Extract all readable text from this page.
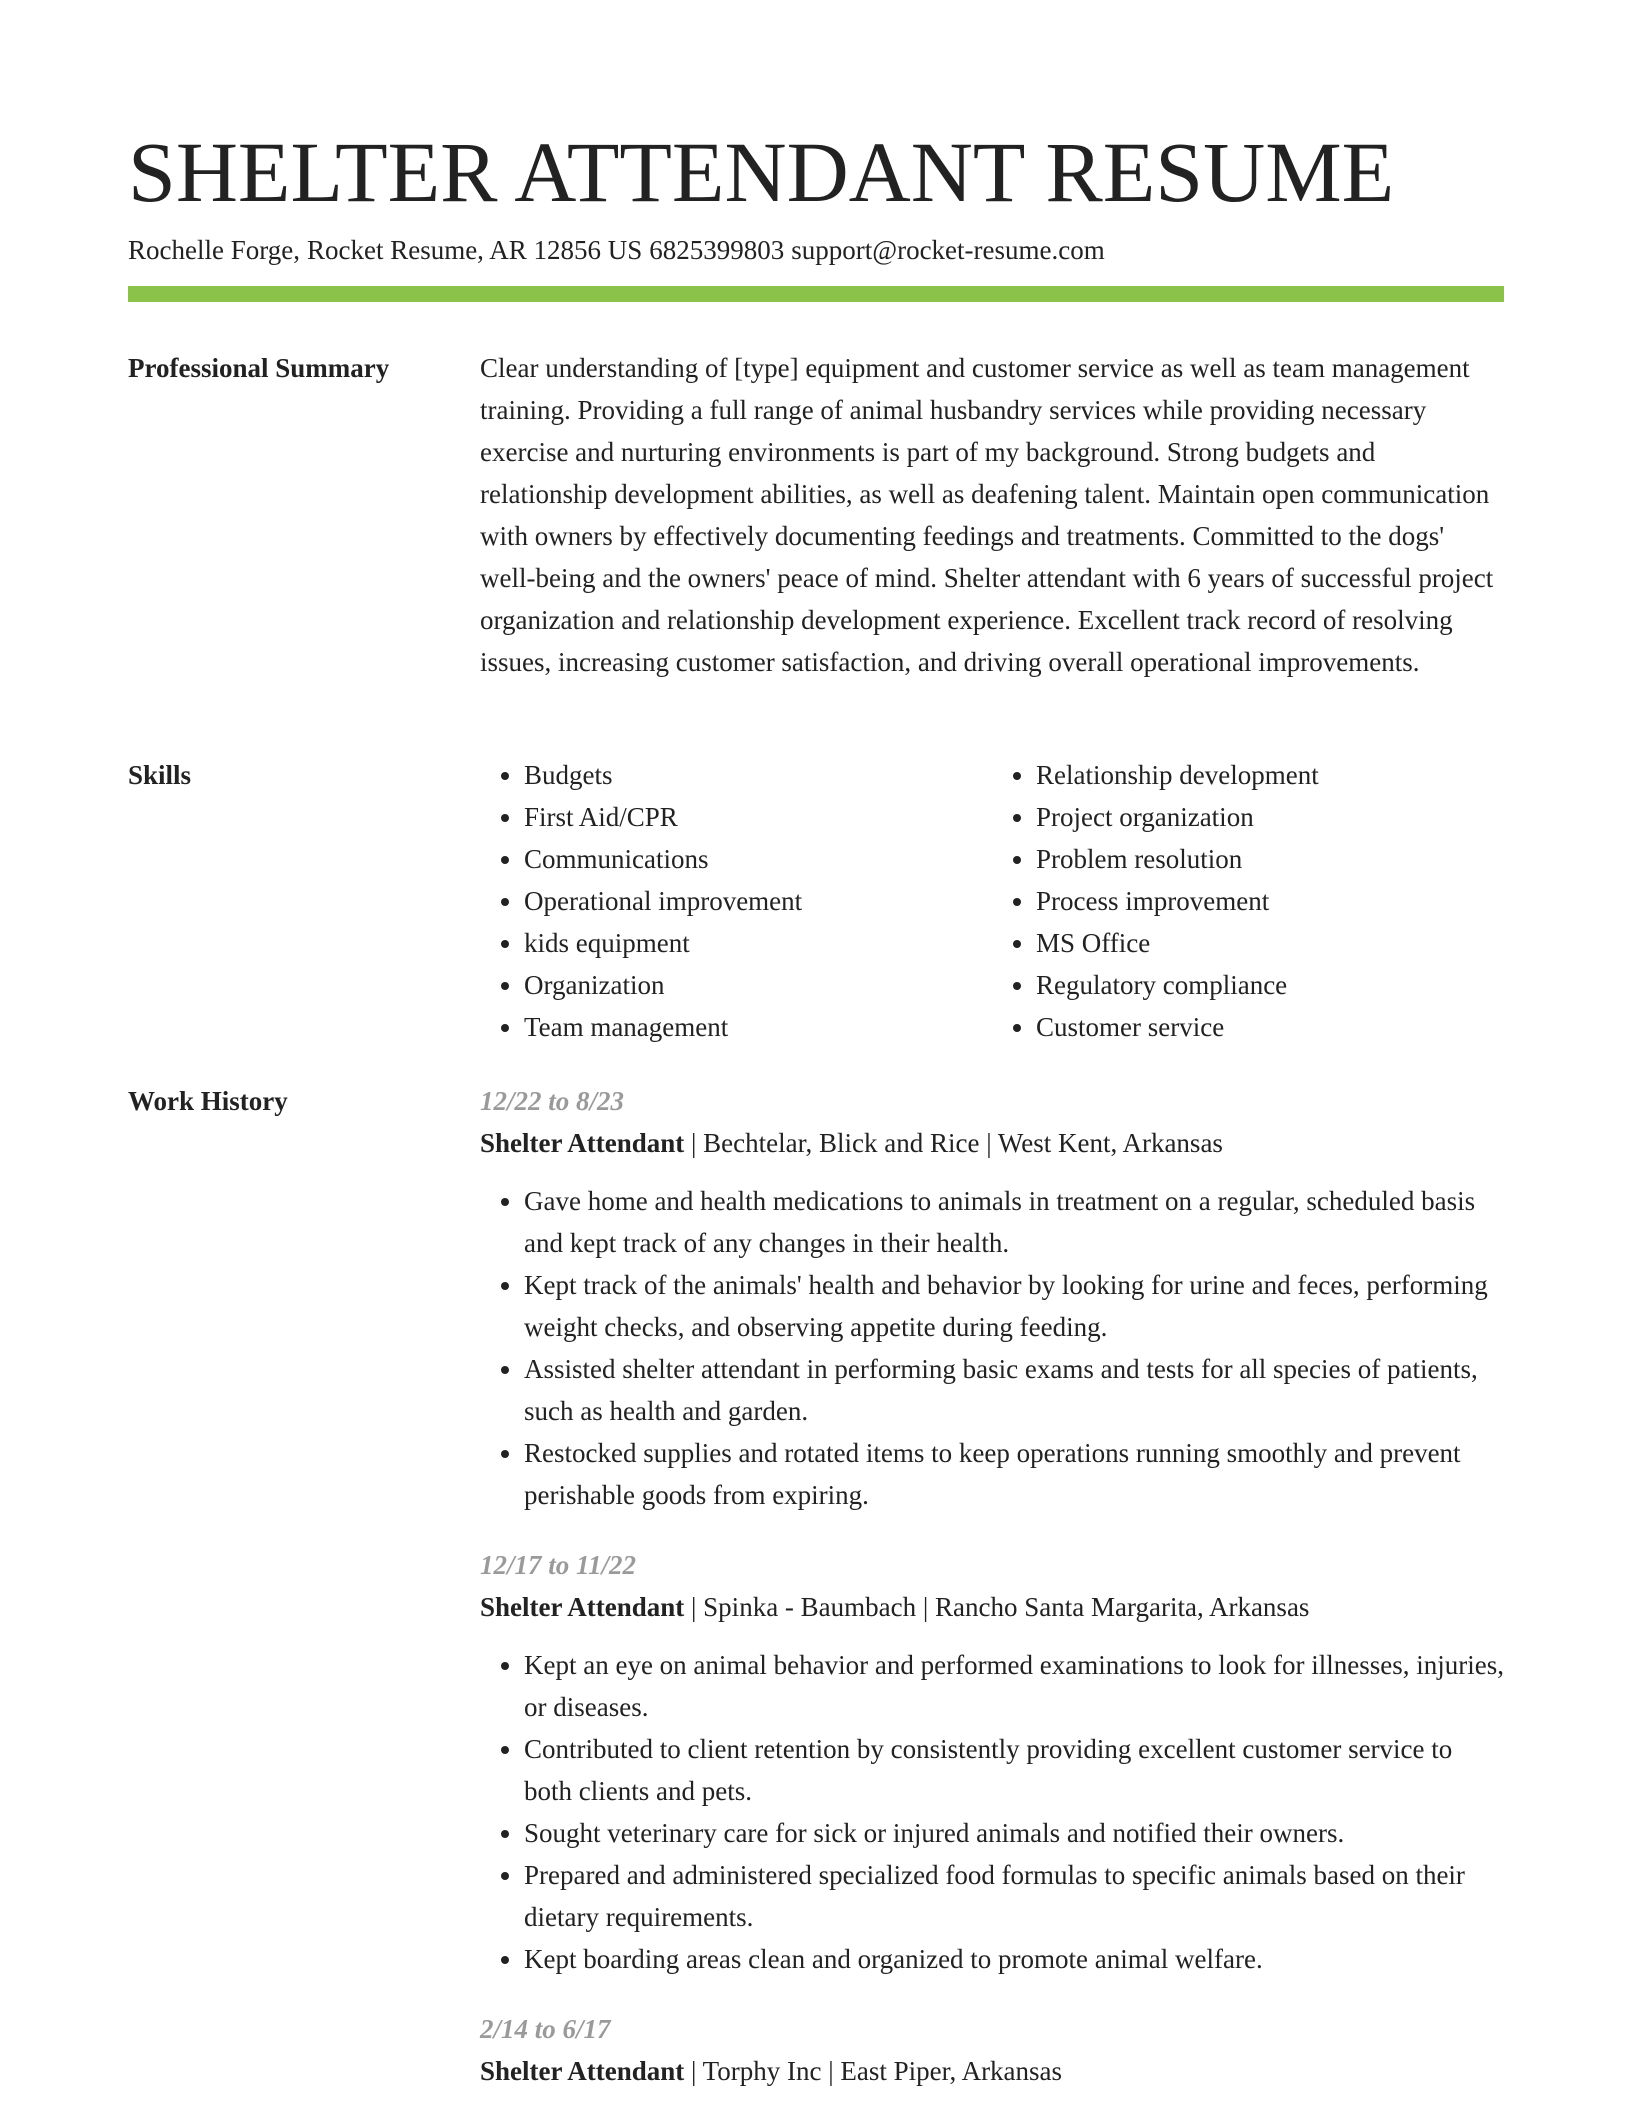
SHELTER ATTENDANT RESUME
Rochelle Forge, Rocket Resume, AR 12856 US 6825399803 support@rocket-resume.com
Professional Summary	Clear understanding of [type] equipment and customer service as well as team management training. Providing a full range of animal husbandry services while providing necessary exercise and nurturing environments is part of my background. Strong budgets and relationship development abilities, as well as deafening talent. Maintain open communication with owners by effectively documenting feedings and treatments. Committed to the dogs' well-being and the owners' peace of mind. Shelter attendant with 6 years of successful project organization and relationship development experience. Excellent track record of resolving issues, increasing customer satisfaction, and driving overall operational improvements.

Skills
•	Budgets
• First Aid/CPR
• Communications
• Operational improvement
• kids equipment
• Organization
• Team management
• Relationship development
• Project organization
• Problem resolution
• Process improvement
• MS Office
• Regulatory compliance
• Customer service
Work History	12/22 to 8/23
Shelter Attendant | Bechtelar, Blick and Rice | West Kent, Arkansas
• Gave home and health medications to animals in treatment on a regular, scheduled basis and kept track of any changes in their health.
• Kept track of the animals' health and behavior by looking for urine and feces, performing weight checks, and observing appetite during feeding.
• Assisted shelter attendant in performing basic exams and tests for all species of patients, such as health and garden.
• Restocked supplies and rotated items to keep operations running smoothly and prevent perishable goods from expiring.
12/17 to 11/22
Shelter Attendant | Spinka - Baumbach | Rancho Santa Margarita, Arkansas
• Kept an eye on animal behavior and performed examinations to look for illnesses, injuries, or diseases.
• Contributed to client retention by consistently providing excellent customer service to both clients and pets.
• Sought veterinary care for sick or injured animals and notified their owners.
• Prepared and administered specialized food formulas to specific animals based on their dietary requirements.
• Kept boarding areas clean and organized to promote animal welfare.
2/14 to 6/17
Shelter Attendant | Torphy Inc | East Piper, Arkansas
